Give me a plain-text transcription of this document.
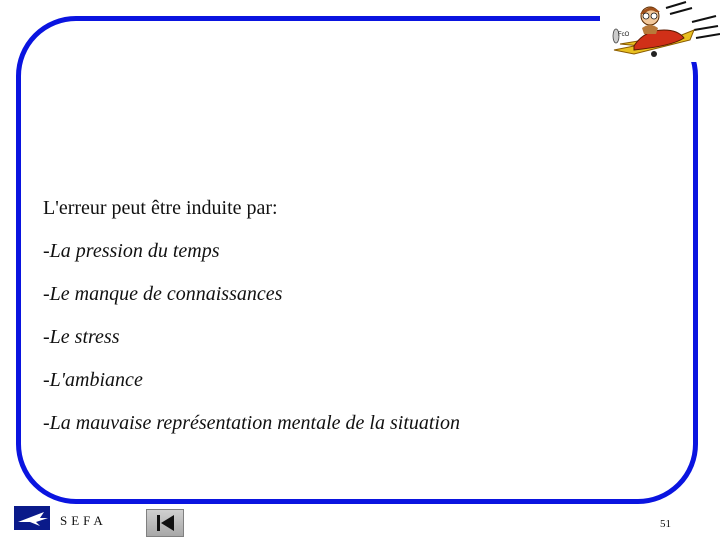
FcO
L'erreur peut être induite par:
-La pression du temps
-Le manque de connaissances
-Le stress
-L'ambiance
-La mauvaise représentation mentale de la situation
SEFA	51
